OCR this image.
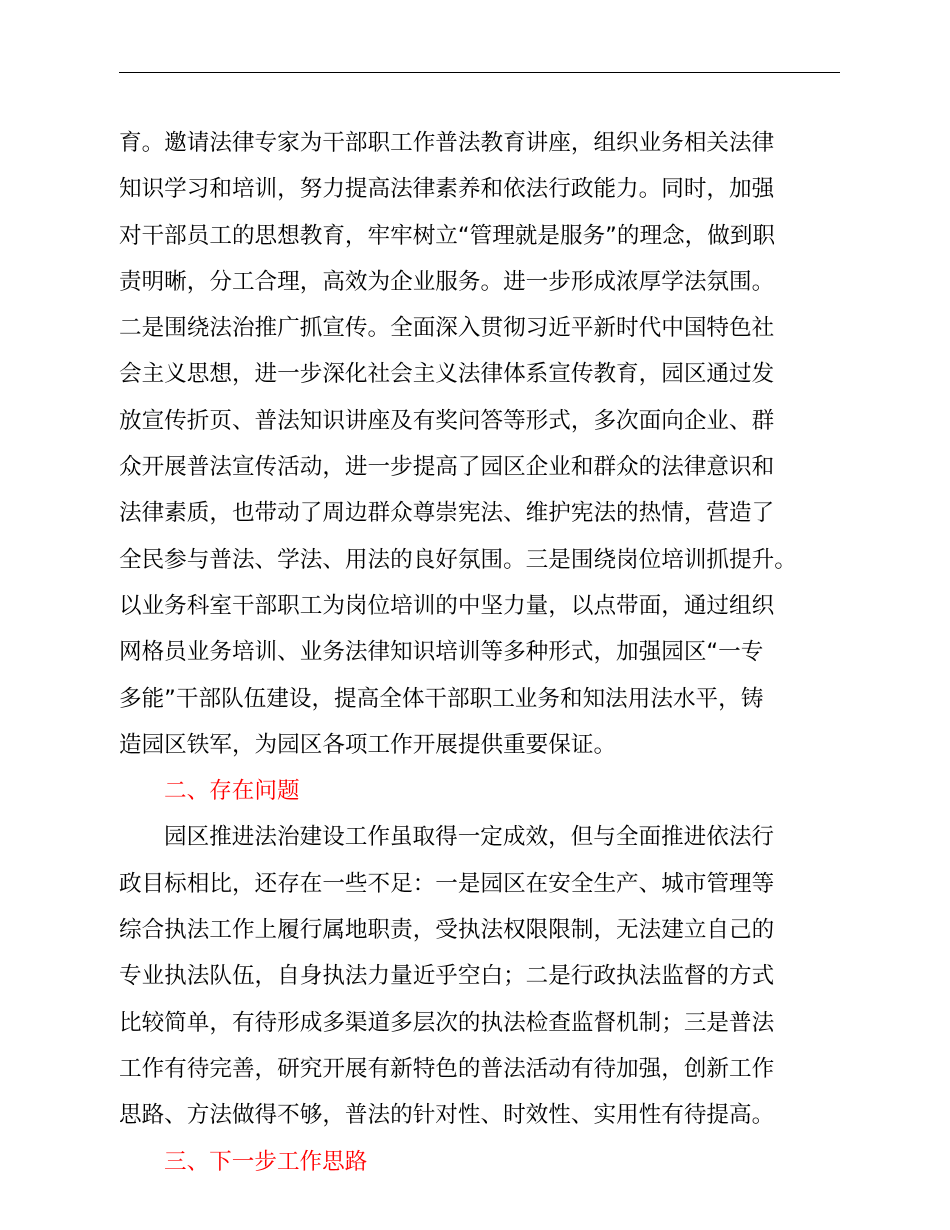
育。邀请法律专家为干部职工作普法教育讲座，组织业务相关法律
知识学习和培训，努力提高法律素养和依法行政能力。同时，加强
对干部员工的思想教育，牢牢树立“管理就是服务”的理念，做到职
责明晰，分工合理，高效为企业服务。进一步形成浓厚学法氛围。
二是围绕法治推广抓宣传。全面深入贯彻习近平新时代中国特色社
会主义思想，进一步深化社会主义法律体系宣传教育，园区通过发
放宣传折页、普法知识讲座及有奖问答等形式，多次面向企业、群
众开展普法宣传活动，进一步提高了园区企业和群众的法律意识和
法律素质，也带动了周边群众尊崇宪法、维护宪法的热情，营造了
全民参与普法、学法、用法的良好氛围。三是围绕岗位培训抓提升。
以业务科室干部职工为岗位培训的中坚力量，以点带面，通过组织
网格员业务培训、业务法律知识培训等多种形式，加强园区“一专
多能”干部队伍建设，提高全体干部职工业务和知法用法水平，铸
造园区铁军，为园区各项工作开展提供重要保证。
二、存在问题
园区推进法治建设工作虽取得一定成效，但与全面推进依法行
政目标相比，还存在一些不足：一是园区在安全生产、城市管理等
综合执法工作上履行属地职责，受执法权限限制，无法建立自己的
专业执法队伍，自身执法力量近乎空白；二是行政执法监督的方式
比较简单，有待形成多渠道多层次的执法检查监督机制；三是普法
工作有待完善，研究开展有新特色的普法活动有待加强，创新工作
思路、方法做得不够，普法的针对性、时效性、实用性有待提高。
三、下一步工作思路
